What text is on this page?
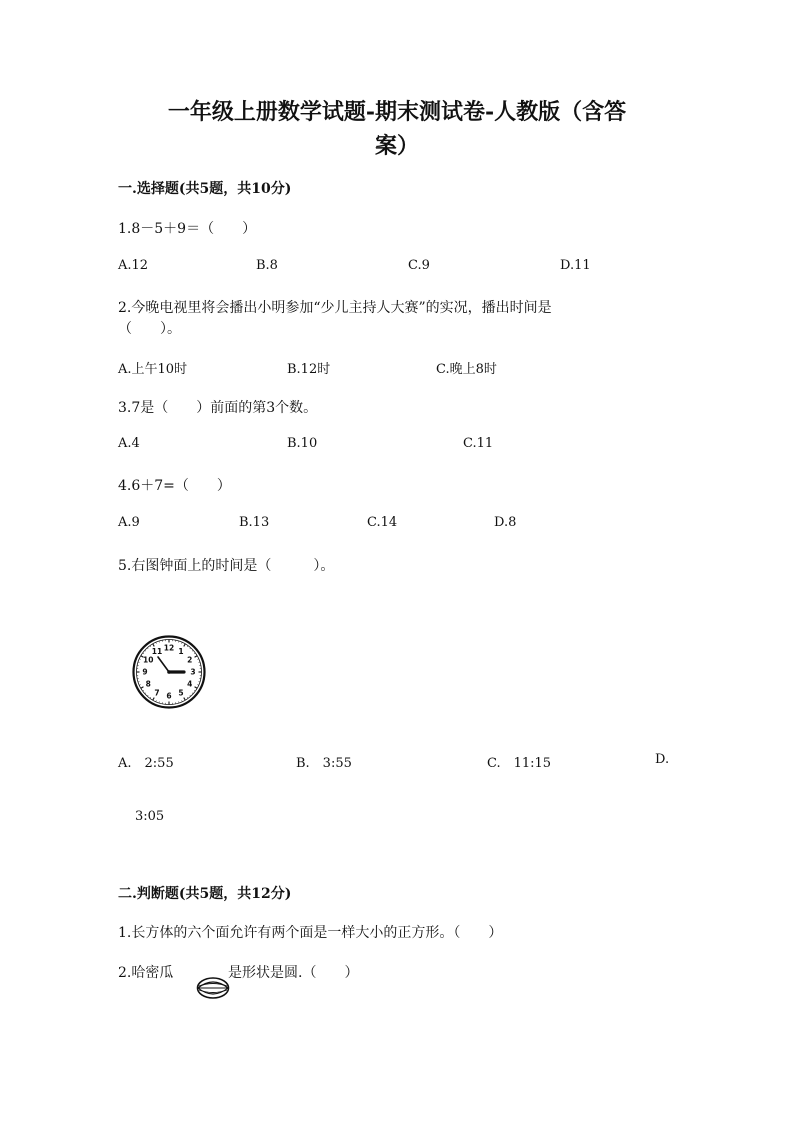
一年级上册数学试题-期末测试卷-人教版（含答
案）
一.选择题(共5题，共10分)
1.8－5＋9＝（　　）
A.12	B.8	C.9	D.11
2.今晚电视里将会播出小明参加“少儿主持人大赛”的实况，播出时间是
（　　）。
A.上午10时	B.12时	C.晚上8时
3.7是（　　）前面的第3个数。
A.4	B.10	C.11
4.6＋7=（　　）
A.9	B.13	C.14	D.8
5.右图钟面上的时间是（　　　）。
12 1
2
3
4
5
6
7
8
9
10
11
A.　2:55	B.　3:55	C.　11:15	D.
3:05
二.判断题(共5题，共12分)
1.长方体的六个面允许有两个面是一样大小的正方形。（　　）
2.哈密瓜	是形状是圆.（　　）
